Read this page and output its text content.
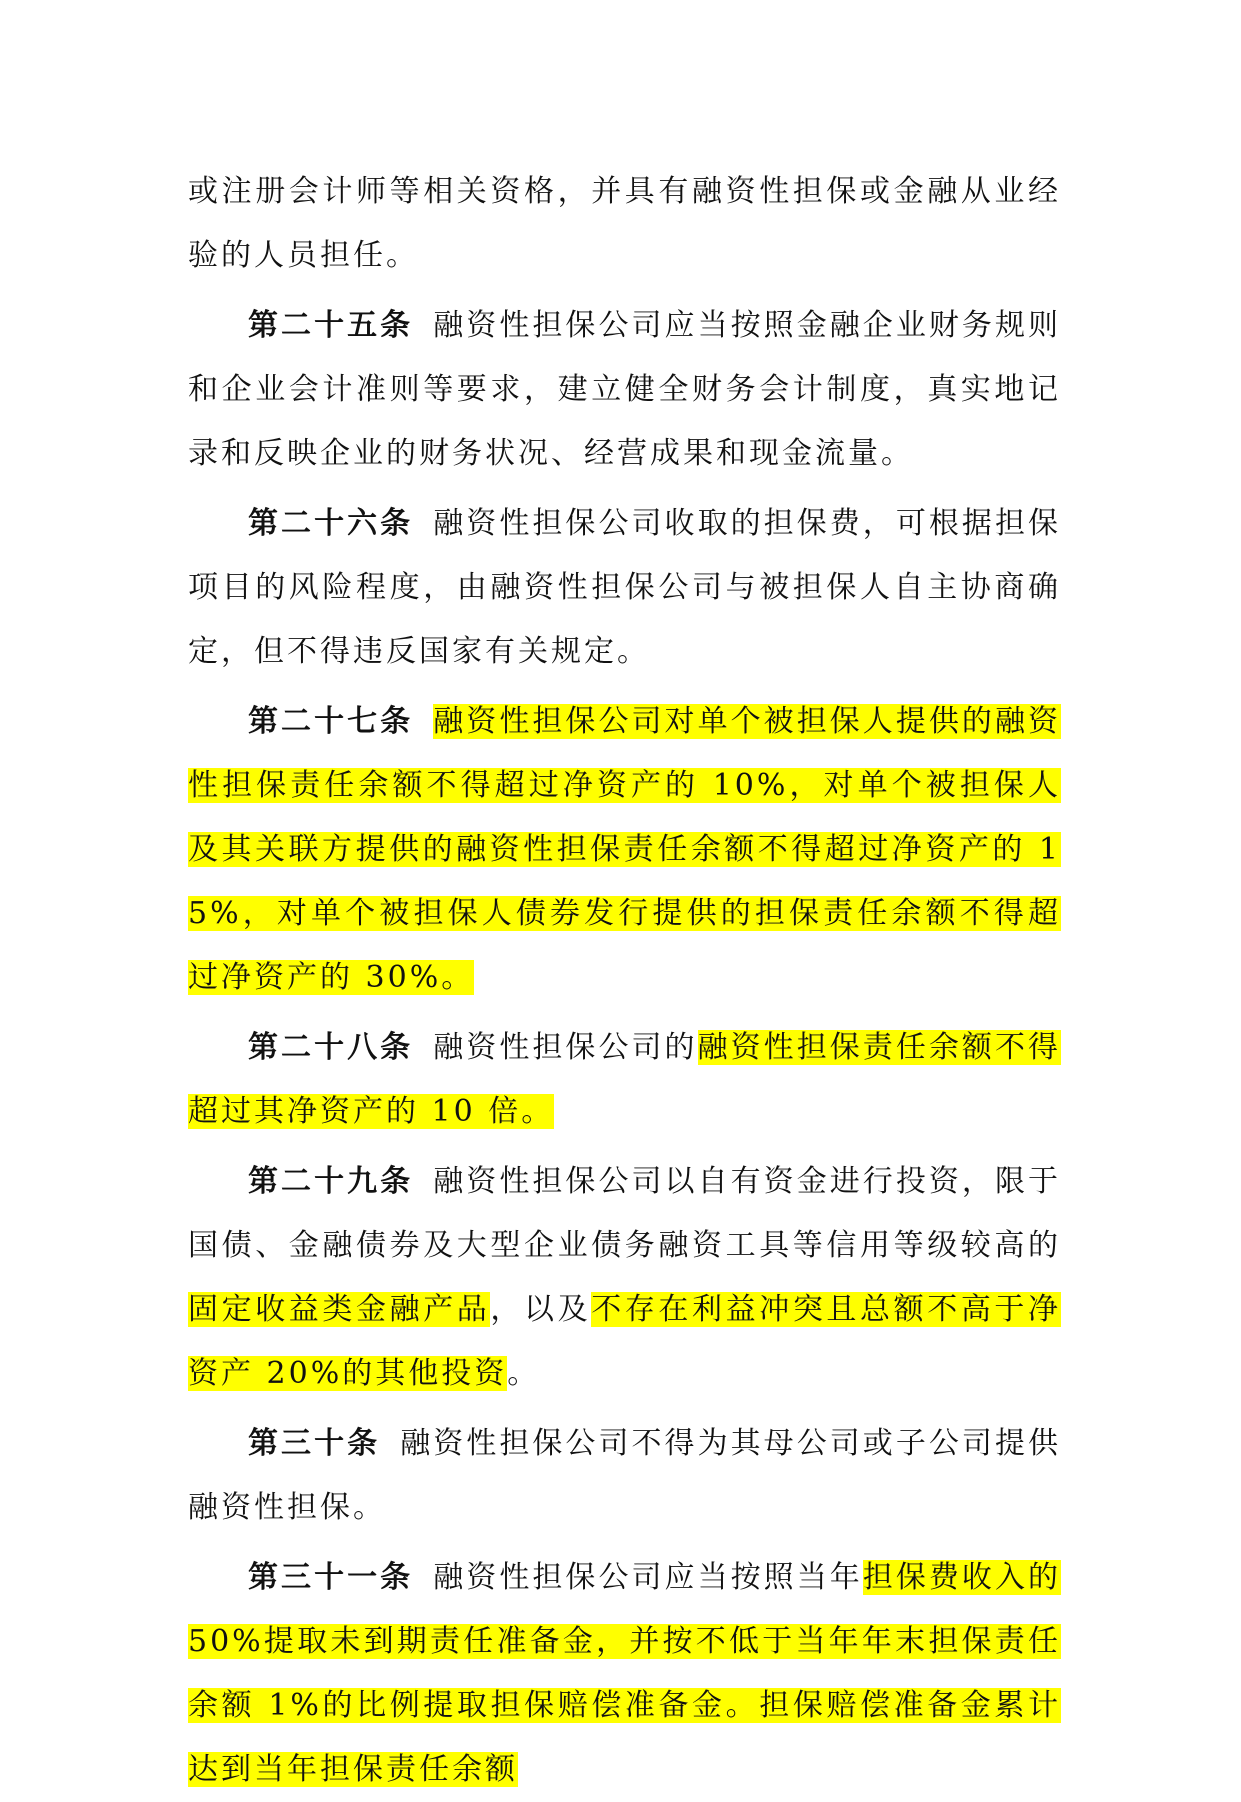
或注册会计师等相关资格，并具有融资性担保或金融从业经验的人员担任。

第二十五条 融资性担保公司应当按照金融企业财务规则和企业会计准则等要求，建立健全财务会计制度，真实地记录和反映企业的财务状况、经营成果和现金流量。

第二十六条 融资性担保公司收取的担保费，可根据担保项目的风险程度，由融资性担保公司与被担保人自主协商确定，但不得违反国家有关规定。

第二十七条 融资性担保公司对单个被担保人提供的融资性担保责任余额不得超过净资产的 10%，对单个被担保人及其关联方提供的融资性担保责任余额不得超过净资产的 15%，对单个被担保人债券发行提供的担保责任余额不得超过净资产的 30%。

第二十八条 融资性担保公司的融资性担保责任余额不得超过其净资产的 10 倍。

第二十九条 融资性担保公司以自有资金进行投资，限于国债、金融债券及大型企业债务融资工具等信用等级较高的固定收益类金融产品，以及不存在利益冲突且总额不高于净资产 20%的其他投资。

第三十条 融资性担保公司不得为其母公司或子公司提供融资性担保。

第三十一条 融资性担保公司应当按照当年担保费收入的 50%提取未到期责任准备金，并按不低于当年年末担保责任余额 1%的比例提取担保赔偿准备金。担保赔偿准备金累计达到当年担保责任余额
